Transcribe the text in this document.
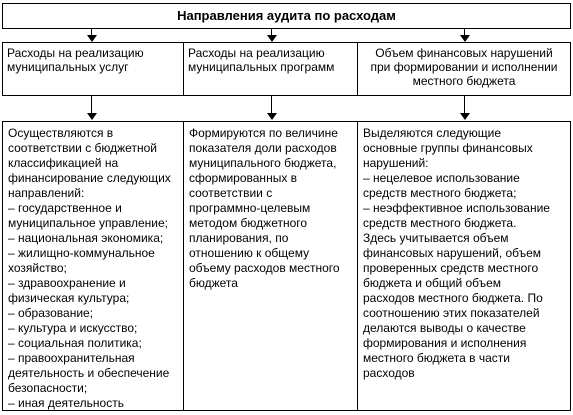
Направления аудита по расходам
Расходы на реализацию
муниципальных услуг
Расходы на реализацию
муниципальных программ
Объем финансовых нарушений
при формировании и исполнении
местного бюджета
Осуществляются в
соответствии с бюджетной
классификацией на
финансирование следующих
направлений:
– государственное и
муниципальное управление;
– национальная экономика;
– жилищно-коммунальное
хозяйство;
– здравоохранение и
физическая культура;
– образование;
– культура и искусство;
– социальная политика;
– правоохранительная
деятельность и обеспечение
безопасности;
– иная деятельность
Формируются по величине
показателя доли расходов
муниципального бюджета,
сформированных в
соответствии с
программно-целевым
методом бюджетного
планирования, по
отношению к общему
объему расходов местного
бюджета
Выделяются следующие
основные группы финансовых
нарушений:
– нецелевое использование
средств местного бюджета;
– неэффективное использование
средств местного бюджета.
Здесь учитывается объем
финансовых нарушений, объем
проверенных средств местного
бюджета и общий объем
расходов местного бюджета. По
соотношению этих показателей
делаются выводы о качестве
формирования и исполнения
местного бюджета в части
расходов
